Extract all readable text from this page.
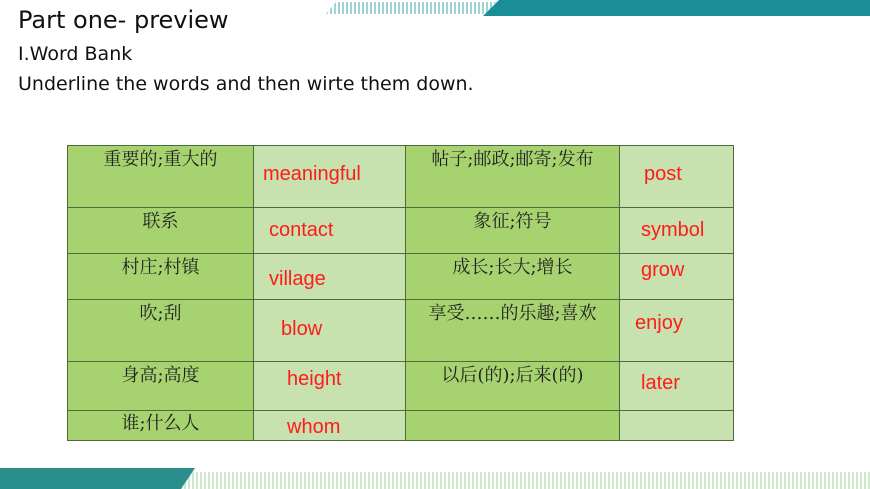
Part one- preview
I.Word Bank
Underline the words and then wirte them down.
重要的;重大的	meaningful	帖子;邮政;邮寄;发布	post

联系	contact	象征;符号	symbol

村庄;村镇	village	成长;长大;增长	grow

吹;刮	blow	享受……的乐趣;喜欢	enjoy

身高;高度	height	以后(的);后来(的)	later

谁;什么人	whom		
